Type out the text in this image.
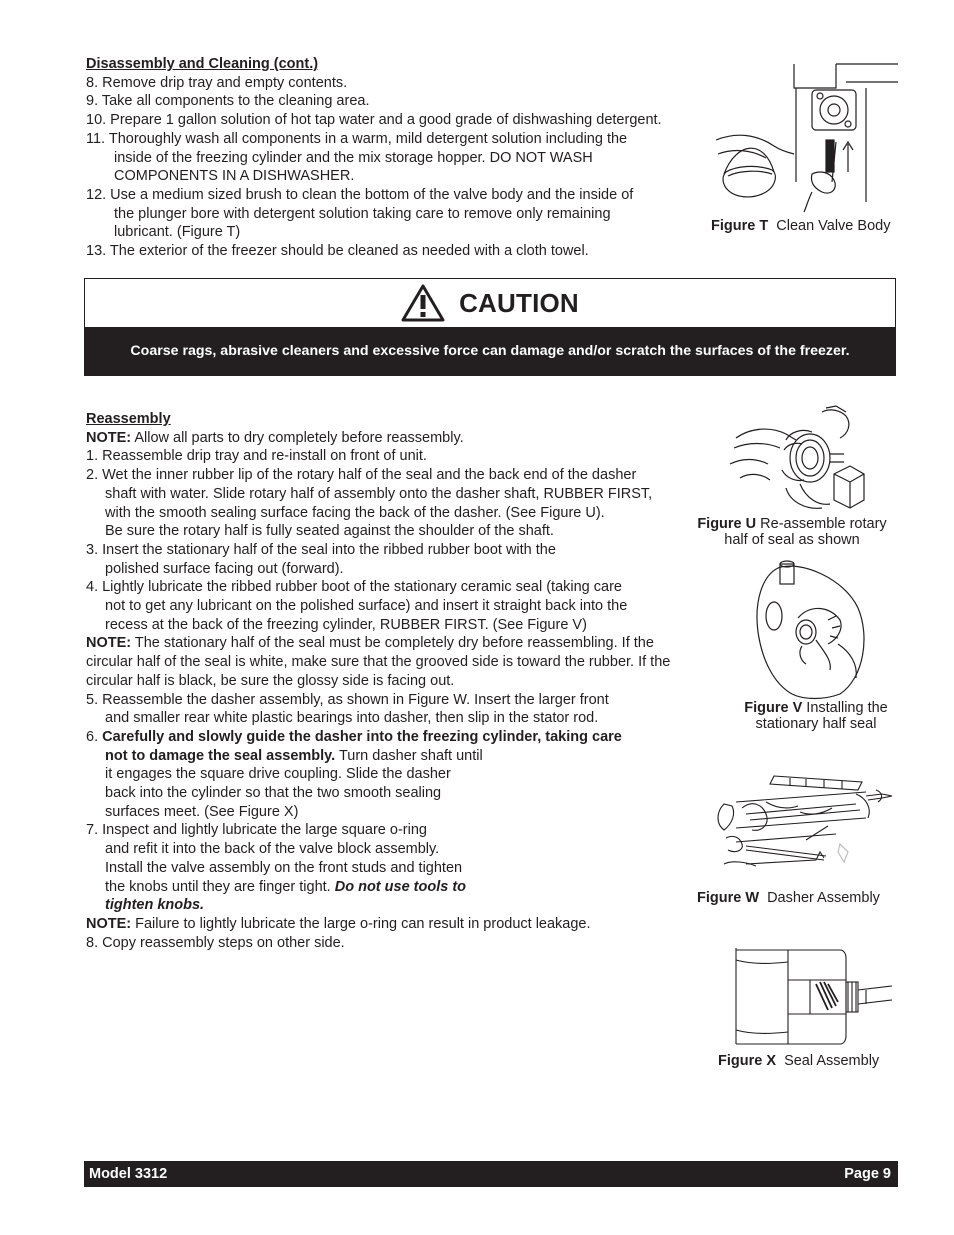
Disassembly and Cleaning (cont.)
8. Remove drip tray and empty contents.
9. Take all components to the cleaning area.
10. Prepare 1 gallon solution of hot tap water and a good grade of dishwashing detergent.
11. Thoroughly wash all components in a warm, mild detergent solution including the
inside of the freezing cylinder and the mix storage hopper. DO NOT WASH
COMPONENTS IN A DISHWASHER.
12. Use a medium sized brush to clean the bottom of the valve body and the inside of
the plunger bore with detergent solution taking care to remove only remaining
lubricant. (Figure T)
13. The exterior of the freezer should be cleaned as needed with a cloth towel.
Figure T  Clean Valve Body
CAUTION
Coarse rags, abrasive cleaners and excessive force can damage and/or scratch the surfaces of the freezer.
Reassembly
NOTE: Allow all parts to dry completely before reassembly.
1. Reassemble drip tray and re-install on front of unit.
2. Wet the inner rubber lip of the rotary half of the seal and the back end of the dasher
shaft with water. Slide rotary half of assembly onto the dasher shaft, RUBBER FIRST,
with the smooth sealing surface facing the back of the dasher. (See Figure U).
Be sure the rotary half is fully seated against the shoulder of the shaft.
3. Insert the stationary half of the seal into the ribbed rubber boot with the
polished surface facing out (forward).
4. Lightly lubricate the ribbed rubber boot of the stationary ceramic seal (taking care
not to get any lubricant on the polished surface) and insert it straight back into the
recess at the back of the freezing cylinder, RUBBER FIRST. (See Figure V)
NOTE: The stationary half of the seal must be completely dry before reassembling. If the
circular half of the seal is white, make sure that the grooved side is toward the rubber. If the
circular half is black, be sure the glossy side is facing out.
5. Reassemble the dasher assembly, as shown in Figure W. Insert the larger front
and smaller rear white plastic bearings into dasher, then slip in the stator rod.
6. Carefully and slowly guide the dasher into the freezing cylinder, taking care
not to damage the seal assembly. Turn dasher shaft until
it engages the square drive coupling. Slide the dasher
back into the cylinder so that the two smooth sealing
surfaces meet. (See Figure X)
7. Inspect and lightly lubricate the large square o-ring
and refit it into the back of the valve block assembly.
Install the valve assembly on the front studs and tighten
the knobs until they are finger tight. Do not use tools to
tighten knobs.
NOTE: Failure to lightly lubricate the large o-ring can result in product leakage.
8. Copy reassembly steps on other side.
Figure U Re-assemble rotary
half of seal as shown
Figure V Installing the
stationary half seal
Figure W  Dasher Assembly
Figure X  Seal Assembly
Model 3312	Page 9
